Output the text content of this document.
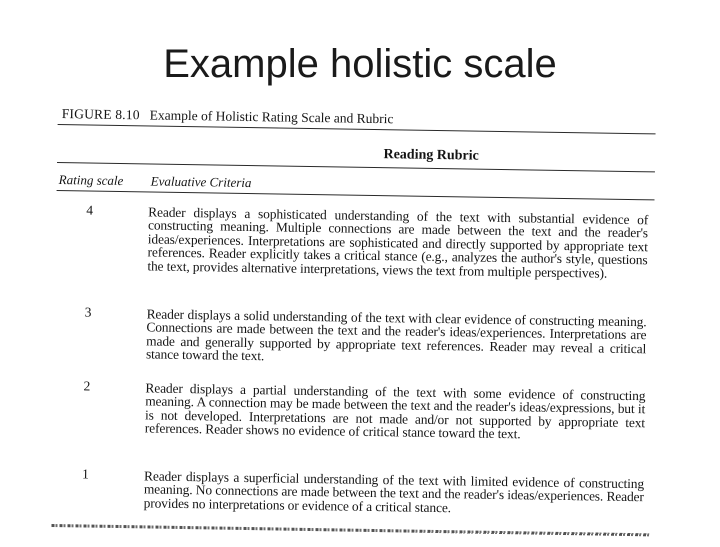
Example holistic scale
FIGURE 8.10 Example of Holistic Rating Scale and Rubric
Reading Rubric
Rating scale Evaluative Criteria
4	Reader displays a sophisticated understanding of the text with substantial evidence of constructing meaning. Multiple connections are made between the text and the reader's ideas/experiences. Interpretations are sophisticated and directly supported by appropriate text references. Reader explicitly takes a critical stance (e.g., analyzes the author's style, questions the text, provides alternative interpretations, views the text from multiple perspectives).
3	Reader displays a solid understanding of the text with clear evidence of constructing meaning. Connections are made between the text and the reader's ideas/experiences. Interpretations are made and generally supported by appropriate text references. Reader may reveal a critical stance toward the text.
2	Reader displays a partial understanding of the text with some evidence of constructing meaning. A connection may be made between the text and the reader's ideas/expressions, but it is not developed. Interpretations are not made and/or not supported by appropriate text references. Reader shows no evidence of critical stance toward the text.
1	Reader displays a superficial understanding of the text with limited evidence of constructing meaning. No connections are made between the text and the reader's ideas/experiences. Reader provides no interpretations or evidence of a critical stance.
